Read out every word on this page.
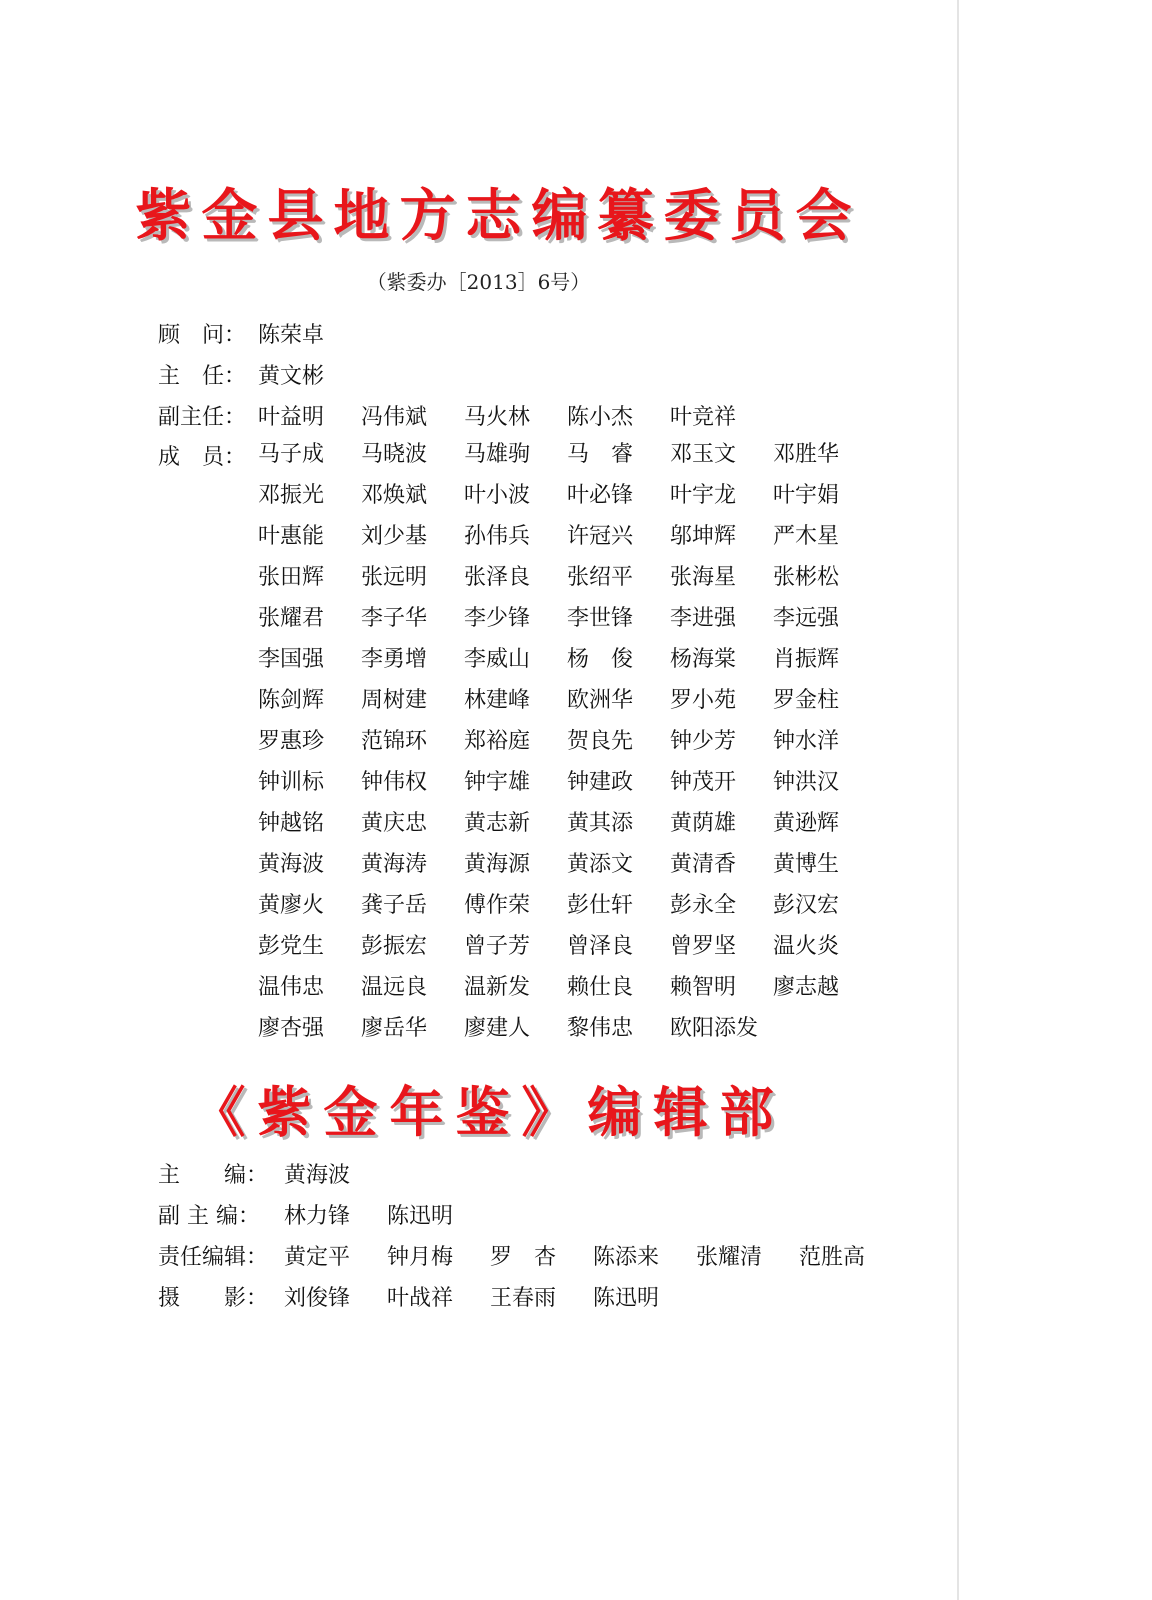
紫金县地方志编纂委员会
（紫委办［2013］6号）
顾　问： 陈荣卓
主　任： 黄文彬
副主任： 叶益明 冯伟斌 马火林 陈小杰 叶竞祥
成　员： 马子成 马晓波 马雄驹 马　睿 邓玉文 邓胜华邓振光 邓焕斌 叶小波 叶必锋 叶宇龙 叶宇娟叶惠能 刘少基 孙伟兵 许冠兴 邬坤辉 严木星张田辉 张远明 张泽良 张绍平 张海星 张彬松张耀君 李子华 李少锋 李世锋 李进强 李远强李国强 李勇增 李威山 杨　俊 杨海棠 肖振辉陈剑辉 周树建 林建峰 欧洲华 罗小苑 罗金柱罗惠珍 范锦环 郑裕庭 贺良先 钟少芳 钟水洋钟训标 钟伟权 钟宇雄 钟建政 钟茂开 钟洪汉钟越铭 黄庆忠 黄志新 黄其添 黄荫雄 黄逊辉黄海波 黄海涛 黄海源 黄添文 黄清香 黄博生黄廖火 龚子岳 傅作荣 彭仕轩 彭永全 彭汉宏彭党生 彭振宏 曾子芳 曾泽良 曾罗坚 温火炎温伟忠 温远良 温新发 赖仕良 赖智明 廖志越廖杏强 廖岳华 廖建人 黎伟忠 欧阳添发
《紫金年鉴》编辑部
主　　编： 黄海波
副 主 编： 林力锋 陈迅明
责任编辑： 黄定平 钟月梅 罗　杏 陈添来 张耀清 范胜高
摄　　影： 刘俊锋 叶战祥 王春雨 陈迅明
